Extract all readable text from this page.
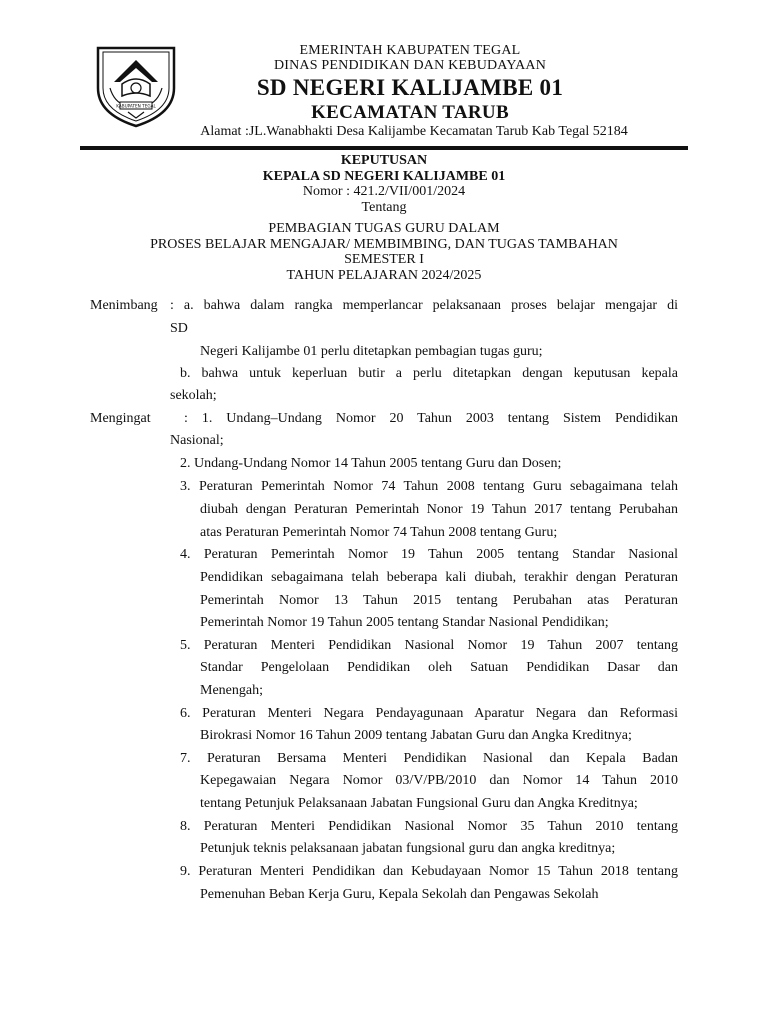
KABUPATEN TEGAL
EMERINTAH KABUPATEN TEGAL
DINAS PENDIDIKAN DAN KEBUDAYAAN
SD NEGERI KALIJAMBE 01
KECAMATAN TARUB
Alamat :JL.Wanabhakti Desa Kalijambe Kecamatan Tarub Kab Tegal 52184
KEPUTUSAN
KEPALA SD NEGERI KALIJAMBE 01
Nomor : 421.2/VII/001/2024
Tentang
PEMBAGIAN TUGAS GURU DALAM
PROSES BELAJAR MENGAJAR/ MEMBIMBING, DAN TUGAS TAMBAHAN
SEMESTER I
TAHUN PELAJARAN 2024/2025
Menimbang : a. bahwa dalam rangka memperlancar pelaksanaan proses belajar mengajar di
SD
Negeri Kalijambe 01 perlu ditetapkan pembagian tugas guru;
b. bahwa untuk keperluan butir a perlu ditetapkan dengan keputusan kepala
sekolah;
Mengingat : 1. Undang–Undang Nomor 20 Tahun 2003 tentang Sistem Pendidikan
Nasional;
2. Undang-Undang Nomor 14 Tahun 2005 tentang Guru dan Dosen;
3. Peraturan Pemerintah Nomor 74 Tahun 2008 tentang Guru sebagaimana telah
diubah dengan Peraturan Pemerintah Nonor 19 Tahun 2017 tentang Perubahan
atas Peraturan Pemerintah Nomor 74 Tahun 2008 tentang Guru;
4. Peraturan Pemerintah Nomor 19 Tahun 2005 tentang Standar Nasional
Pendidikan sebagaimana telah beberapa kali diubah, terakhir dengan Peraturan
Pemerintah Nomor 13 Tahun 2015 tentang Perubahan atas Peraturan
Pemerintah Nomor 19 Tahun 2005 tentang Standar Nasional Pendidikan;
5. Peraturan Menteri Pendidikan Nasional Nomor 19 Tahun 2007 tentang
Standar Pengelolaan Pendidikan oleh Satuan Pendidikan Dasar dan
Menengah;
6. Peraturan Menteri Negara Pendayagunaan Aparatur Negara dan Reformasi
Birokrasi Nomor 16 Tahun 2009 tentang Jabatan Guru dan Angka Kreditnya;
7. Peraturan Bersama Menteri Pendidikan Nasional dan Kepala Badan
Kepegawaian Negara Nomor 03/V/PB/2010 dan Nomor 14 Tahun 2010
tentang Petunjuk Pelaksanaan Jabatan Fungsional Guru dan Angka Kreditnya;
8. Peraturan Menteri Pendidikan Nasional Nomor 35 Tahun 2010 tentang
Petunjuk teknis pelaksanaan jabatan fungsional guru dan angka kreditnya;
9. Peraturan Menteri Pendidikan dan Kebudayaan Nomor 15 Tahun 2018 tentang
Pemenuhan Beban Kerja Guru, Kepala Sekolah dan Pengawas Sekolah
